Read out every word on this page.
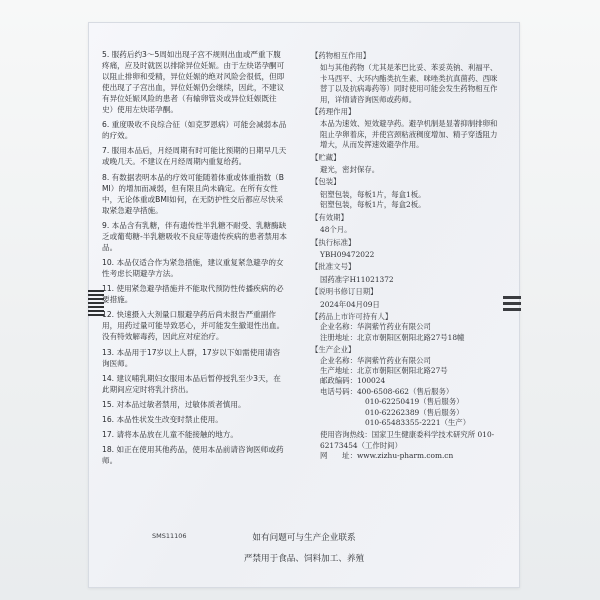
5. 服药后约3～5周如出现子宫不规则出血或严重下腹疼痛，应及时就医以排除异位妊娠。由于左炔诺孕酮可以阻止排卵和受精，异位妊娠的绝对风险会很低，但即使出现了子宫出血，异位妊娠仍会继续，因此，不建议有异位妊娠风险的患者（有输卵管炎或异位妊娠既往史）使用左炔诺孕酮。

6. 重度吸收不良综合征（如克罗恩病）可能会减弱本品的疗效。

7. 服用本品后，月经周期有时可能比预期的日期早几天或晚几天。不建议在月经周期内重复给药。

8. 有数据表明本品的疗效可能随着体重或体重指数（BMI）的增加而减弱，但有限且尚未确定。在所有女性中，无论体重或BMI如何，在无防护性交后都应尽快采取紧急避孕措施。

9. 本品含有乳糖，伴有遗传性半乳糖不耐受、乳糖酶缺乏或葡萄糖-半乳糖吸收不良症等遗传疾病的患者禁用本品。

10. 本品仅适合作为紧急措施，建议重复紧急避孕的女性考虑长期避孕方法。

11. 使用紧急避孕措施并不能取代预防性传播疾病的必要措施。

12. 快速摄入大剂量口服避孕药后尚未报告严重副作用，用药过量可能导致恶心，并可能发生撤退性出血。没有特效解毒药，因此应对症治疗。

13. 本品用于17岁以上人群，17岁以下如需使用请咨询医师。

14. 建议哺乳期妇女服用本品后暂停授乳至少3天，在此期间应定时将乳汁挤出。

15. 对本品过敏者禁用，过敏体质者慎用。

16. 本品性状发生改变时禁止使用。

17. 请将本品放在儿童不能接触的地方。

18. 如正在使用其他药品，使用本品前请咨询医师或药师。

【药物相互作用】
如与其他药物（尤其是苯巴比妥、苯妥英钠、利福平、卡马西平、大环内酯类抗生素、咪唑类抗真菌药、西咪替丁以及抗病毒药等）同时使用可能会发生药物相互作用，详情请咨询医师或药师。
【药理作用】
本品为速效、短效避孕药。避孕机制是显著抑制排卵和阻止孕卵着床，并使宫颈粘液稠度增加、精子穿透阻力增大，从而发挥速效避孕作用。
【贮藏】
避光，密封保存。
【包装】
铝塑包装，每板1片，每盒1板。
铝塑包装，每板1片，每盒2板。
【有效期】
48个月。
【执行标准】
YBH09472022
【批准文号】
国药准字H11021372
【说明书修订日期】
2024年04月09日
【药品上市许可持有人】
企业名称：华润紫竹药业有限公司
注册地址：北京市朝阳区朝阳北路27号18幢
【生产企业】
企业名称：华润紫竹药业有限公司
生产地址：北京市朝阳区朝阳北路27号
邮政编码：100024
电话号码：400-6508-662（售后服务）
010-62250419（售后服务）
010-62262389（售后服务）
010-65483355-2221（生产）
使用咨询热线：国家卫生健康委科学技术研究所 010-62173454（工作时间）
网　　址：www.zizhu-pharm.com.cn
SMS11106	如有问题可与生产企业联系
严禁用于食品、饲料加工、养殖
